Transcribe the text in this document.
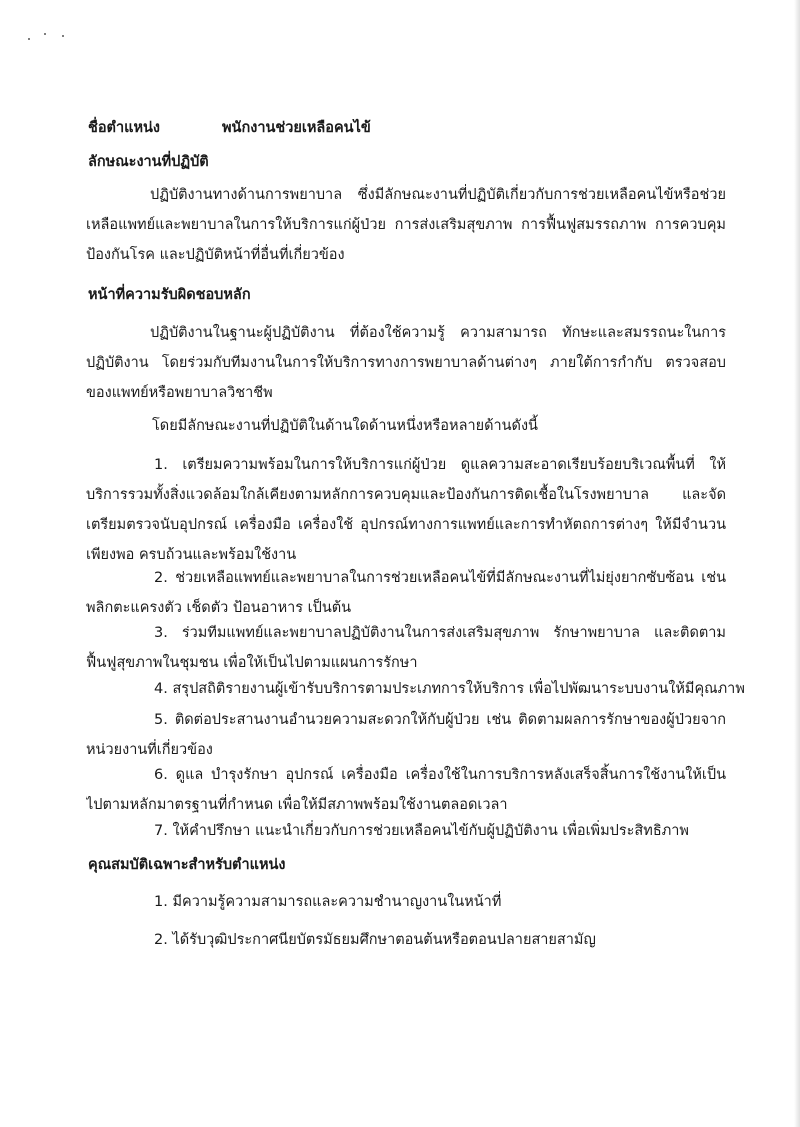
ชื่อตำแหน่ง	พนักงานช่วยเหลือคนไข้
ลักษณะงานที่ปฏิบัติ
ปฏิบัติงานทางด้านการพยาบาล ซึ่งมีลักษณะงานที่ปฏิบัติเกี่ยวกับการช่วยเหลือคนไข้หรือช่วยเหลือแพทย์และพยาบาลในการให้บริการแก่ผู้ป่วย การส่งเสริมสุขภาพ การฟื้นฟูสมรรถภาพ การควบคุมป้องกันโรค และปฏิบัติหน้าที่อื่นที่เกี่ยวข้อง
หน้าที่ความรับผิดชอบหลัก
ปฏิบัติงานในฐานะผู้ปฏิบัติงาน ที่ต้องใช้ความรู้ ความสามารถ ทักษะและสมรรถนะในการปฏิบัติงาน โดยร่วมกับทีมงานในการให้บริการทางการพยาบาลด้านต่างๆ ภายใต้การกำกับ ตรวจสอบของแพทย์หรือพยาบาลวิชาชีพ
โดยมีลักษณะงานที่ปฏิบัติในด้านใดด้านหนึ่งหรือหลายด้านดังนี้
1. เตรียมความพร้อมในการให้บริการแก่ผู้ป่วย ดูแลความสะอาดเรียบร้อยบริเวณพื้นที่ ให้บริการรวมทั้งสิ่งแวดล้อมใกล้เคียงตามหลักการควบคุมและป้องกันการติดเชื้อในโรงพยาบาล และจัดเตรียมตรวจนับอุปกรณ์ เครื่องมือ เครื่องใช้ อุปกรณ์ทางการแพทย์และการทำหัตถการต่างๆ ให้มีจำนวนเพียงพอ ครบถ้วนและพร้อมใช้งาน
2. ช่วยเหลือแพทย์และพยาบาลในการช่วยเหลือคนไข้ที่มีลักษณะงานที่ไม่ยุ่งยากซับซ้อน เช่น พลิกตะแครงตัว เช็ดตัว ป้อนอาหาร เป็นต้น
3. ร่วมทีมแพทย์และพยาบาลปฏิบัติงานในการส่งเสริมสุขภาพ รักษาพยาบาล และติดตามฟื้นฟูสุขภาพในชุมชน เพื่อให้เป็นไปตามแผนการรักษา
4. สรุปสถิติรายงานผู้เข้ารับบริการตามประเภทการให้บริการ เพื่อไปพัฒนาระบบงานให้มีคุณภาพ
5. ติดต่อประสานงานอำนวยความสะดวกให้กับผู้ป่วย เช่น ติดตามผลการรักษาของผู้ป่วยจากหน่วยงานที่เกี่ยวข้อง
6. ดูแล บำรุงรักษา อุปกรณ์ เครื่องมือ เครื่องใช้ในการบริการหลังเสร็จสิ้นการใช้งานให้เป็นไปตามหลักมาตรฐานที่กำหนด เพื่อให้มีสภาพพร้อมใช้งานตลอดเวลา
7. ให้คำปรึกษา แนะนำเกี่ยวกับการช่วยเหลือคนไข้กับผู้ปฏิบัติงาน เพื่อเพิ่มประสิทธิภาพ
คุณสมบัติเฉพาะสำหรับตำแหน่ง
1. มีความรู้ความสามารถและความชำนาญงานในหน้าที่
2. ได้รับวุฒิประกาศนียบัตรมัธยมศึกษาตอนต้นหรือตอนปลายสายสามัญ
